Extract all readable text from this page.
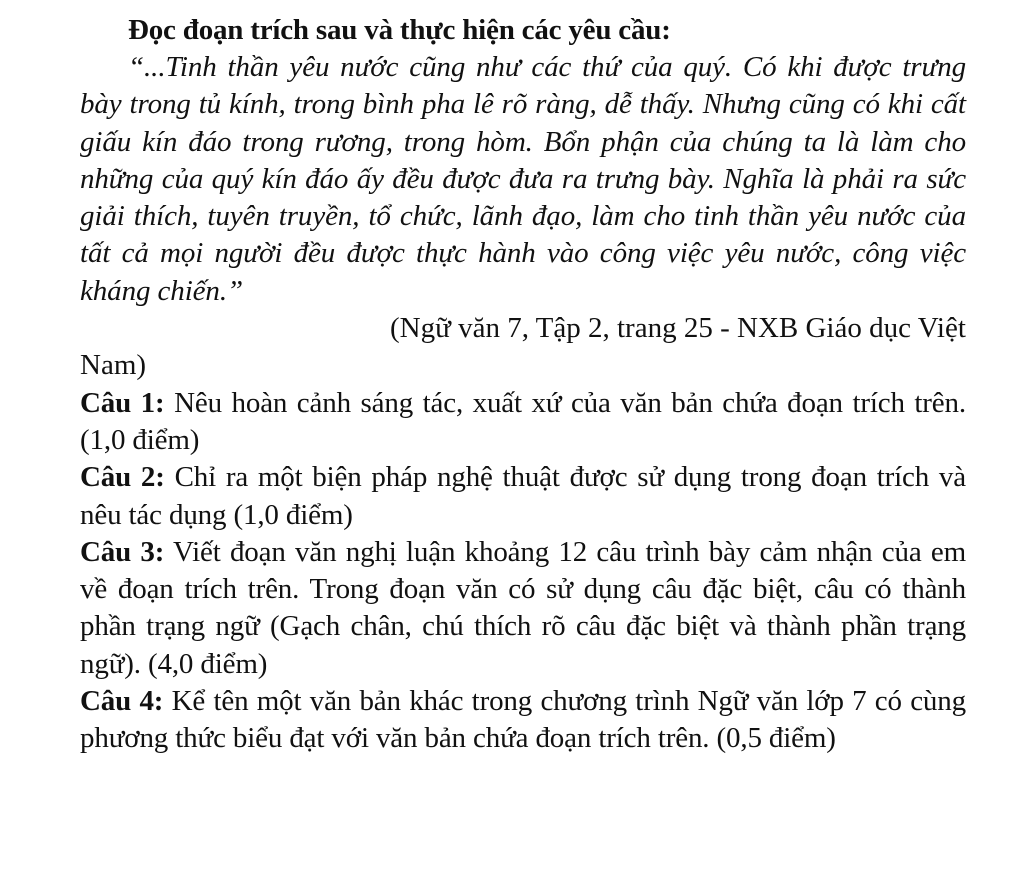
Đọc đoạn trích sau và thực hiện các yêu cầu:

“...Tinh thần yêu nước cũng như các thứ của quý. Có khi được trưng bày trong tủ kính, trong bình pha lê rõ ràng, dễ thấy. Nhưng cũng có khi cất giấu kín đáo trong rương, trong hòm. Bổn phận của chúng ta là làm cho những của quý kín đáo ấy đều được đưa ra trưng bày. Nghĩa là phải ra sức giải thích, tuyên truyền, tổ chức, lãnh đạo, làm cho tinh thần yêu nước của tất cả mọi người đều được thực hành vào công việc yêu nước, công việc kháng chiến.”

(Ngữ văn 7, Tập 2, trang 25 - NXB Giáo dục Việt Nam)

Câu 1: Nêu hoàn cảnh sáng tác, xuất xứ của văn bản chứa đoạn trích trên. (1,0 điểm)

Câu 2: Chỉ ra một biện pháp nghệ thuật được sử dụng trong đoạn trích và nêu tác dụng (1,0 điểm)

Câu 3: Viết đoạn văn nghị luận khoảng 12 câu trình bày cảm nhận của em về đoạn trích trên. Trong đoạn văn có sử dụng câu đặc biệt, câu có thành phần trạng ngữ (Gạch chân, chú thích rõ câu đặc biệt và thành phần trạng ngữ). (4,0 điểm)

Câu 4: Kể tên một văn bản khác trong chương trình Ngữ văn lớp 7 có cùng phương thức biểu đạt với văn bản chứa đoạn trích trên. (0,5 điểm)
